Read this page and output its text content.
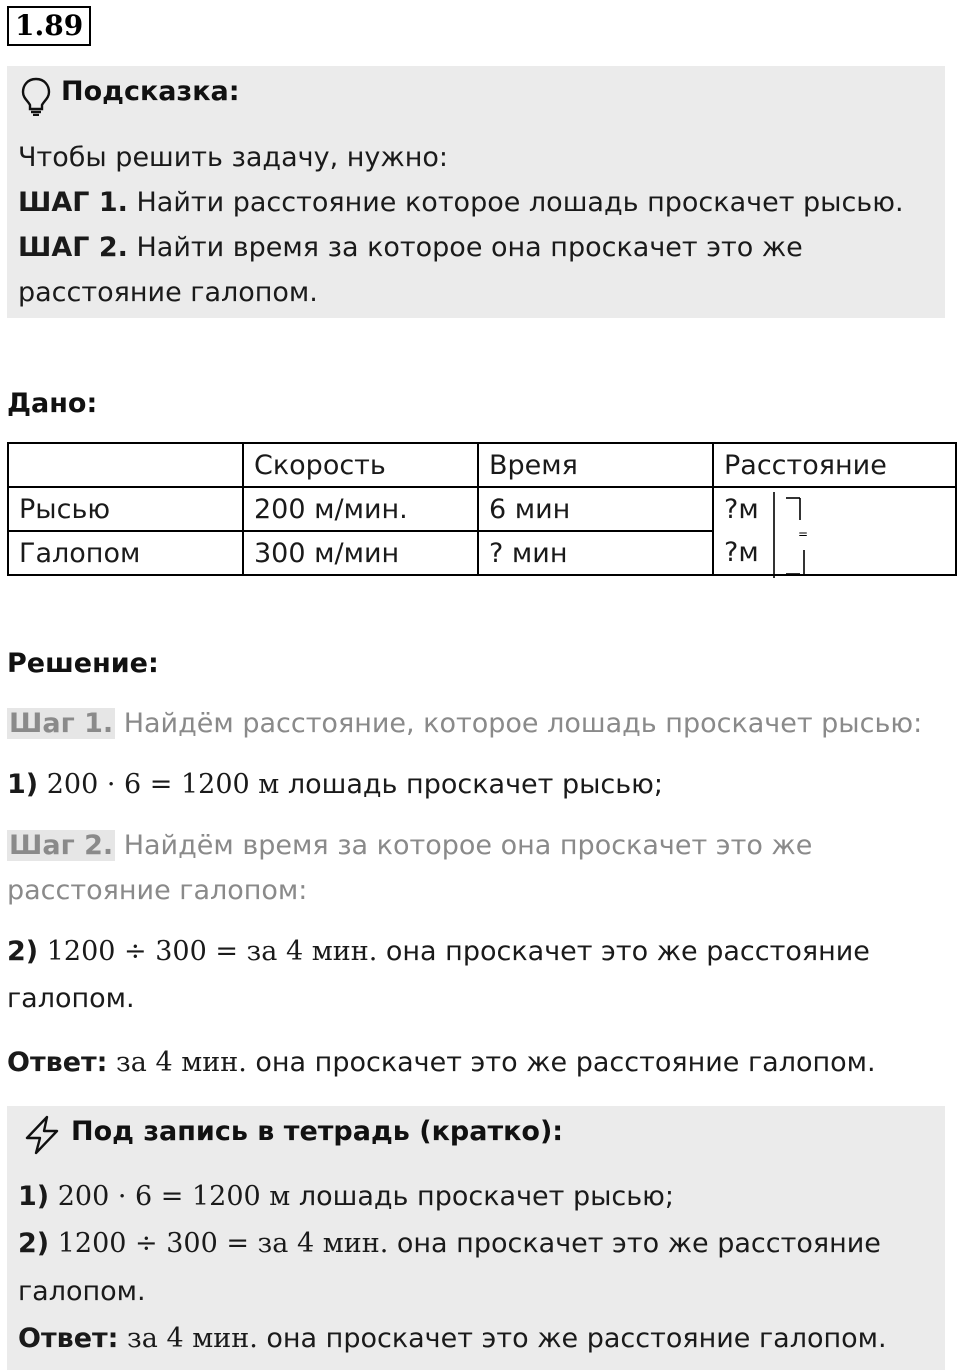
1.89
Подсказка:
Чтобы решить задачу, нужно:
ШАГ 1. Найти расстояние которое лошадь проскачет рысью.
ШАГ 2. Найти время за которое она проскачет это же
расстояние галопом.
Дано:
	Скорость	Время	Расстояние
Рысью	200 м/мин.	6 мин	?м
Галопом	300 м/мин	? мин	?м
=
Решение:
Шаг 1. Найдём расстояние, которое лошадь проскачет рысью:
1) 200 · 6 = 1200 м лошадь проскачет рысью;
Шаг 2. Найдём время за которое она проскачет это же
расстояние галопом:
2) 1200 ÷ 300 = за 4 мин. она проскачет это же расстояние
галопом.
Ответ: за 4 мин. она проскачет это же расстояние галопом.
Под запись в тетрадь (кратко):
1) 200 · 6 = 1200 м лошадь проскачет рысью;
2) 1200 ÷ 300 = за 4 мин. она проскачет это же расстояние
галопом.
Ответ: за 4 мин. она проскачет это же расстояние галопом.
